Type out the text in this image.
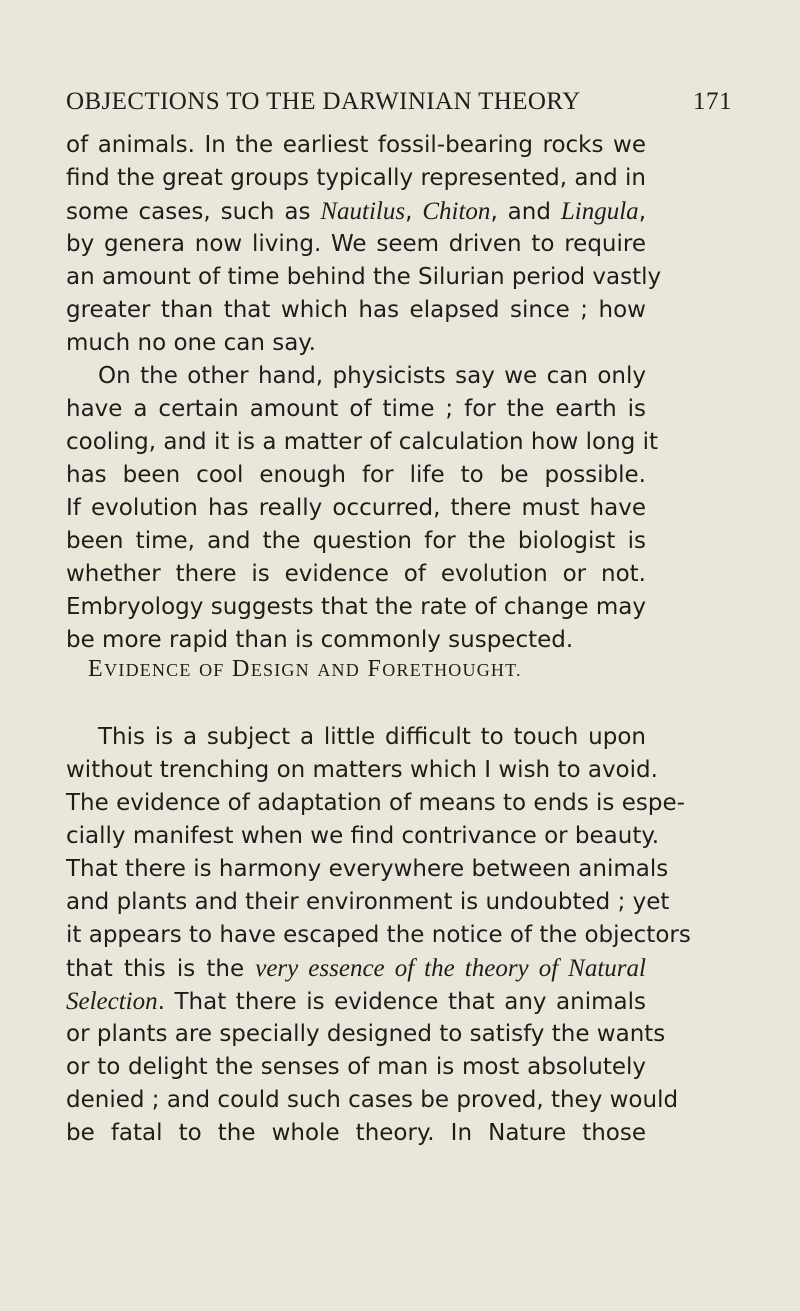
OBJECTIONS TO THE DARWINIAN THEORY	171
of animals. In the earliest fossil-bearing rocks we
find the great groups typically represented, and in
some cases, such as Nautilus, Chiton, and Lingula,
by genera now living. We seem driven to require
an amount of time behind the Silurian period vastly
greater than that which has elapsed since ; how
much no one can say.
On the other hand, physicists say we can only
have a certain amount of time ; for the earth is
cooling, and it is a matter of calculation how long it
has been cool enough for life to be possible.
If evolution has really occurred, there must have
been time, and the question for the biologist is
whether there is evidence of evolution or not.
Embryology suggests that the rate of change may
be more rapid than is commonly suspected.
EVIDENCE OF DESIGN AND FORETHOUGHT.
This is a subject a little difficult to touch upon
without trenching on matters which I wish to avoid.
The evidence of adaptation of means to ends is espe-
cially manifest when we find contrivance or beauty.
That there is harmony everywhere between animals
and plants and their environment is undoubted ; yet
it appears to have escaped the notice of the objectors
that this is the very essence of the theory of Natural
Selection. That there is evidence that any animals
or plants are specially designed to satisfy the wants
or to delight the senses of man is most absolutely
denied ; and could such cases be proved, they would
be fatal to the whole theory. In Nature those
